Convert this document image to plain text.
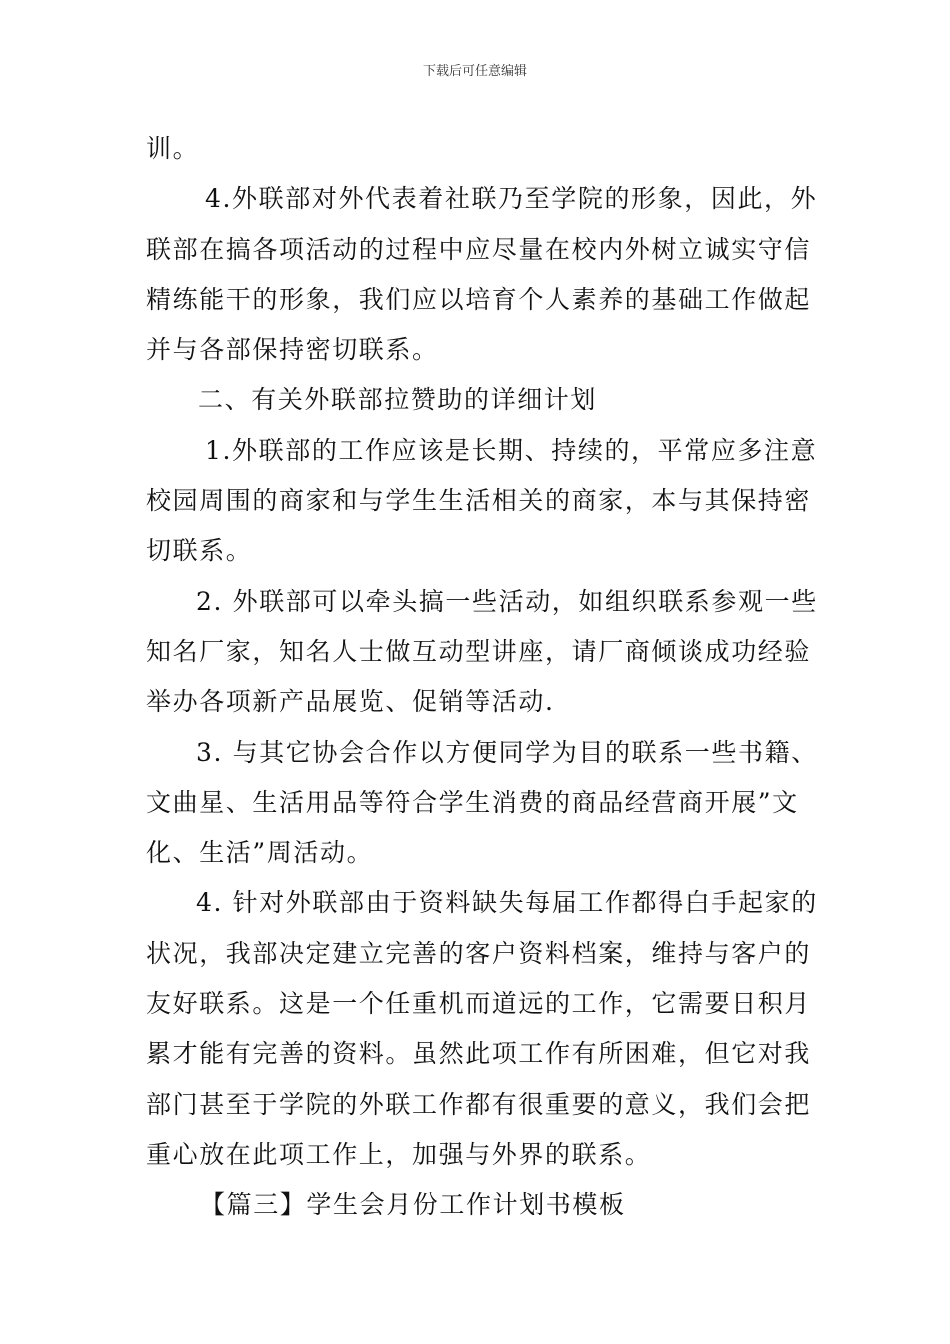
下载后可任意编辑
训。
4.外联部对外代表着社联乃至学院的形象，因此，外
联部在搞各项活动的过程中应尽量在校内外树立诚实守信
精练能干的形象，我们应以培育个人素养的基础工作做起
并与各部保持密切联系。
二、有关外联部拉赞助的详细计划
1.外联部的工作应该是长期、持续的，平常应多注意
校园周围的商家和与学生生活相关的商家，本与其保持密
切联系。
2. 外联部可以牵头搞一些活动，如组织联系参观一些
知名厂家，知名人士做互动型讲座，请厂商倾谈成功经验
举办各项新产品展览、促销等活动.
3. 与其它协会合作以方便同学为目的联系一些书籍、
文曲星、生活用品等符合学生消费的商品经营商开展”文
化、生活”周活动。
4. 针对外联部由于资料缺失每届工作都得白手起家的
状况，我部决定建立完善的客户资料档案，维持与客户的
友好联系。这是一个任重机而道远的工作，它需要日积月
累才能有完善的资料。虽然此项工作有所困难，但它对我
部门甚至于学院的外联工作都有很重要的意义，我们会把
重心放在此项工作上，加强与外界的联系。
【篇三】学生会月份工作计划书模板
